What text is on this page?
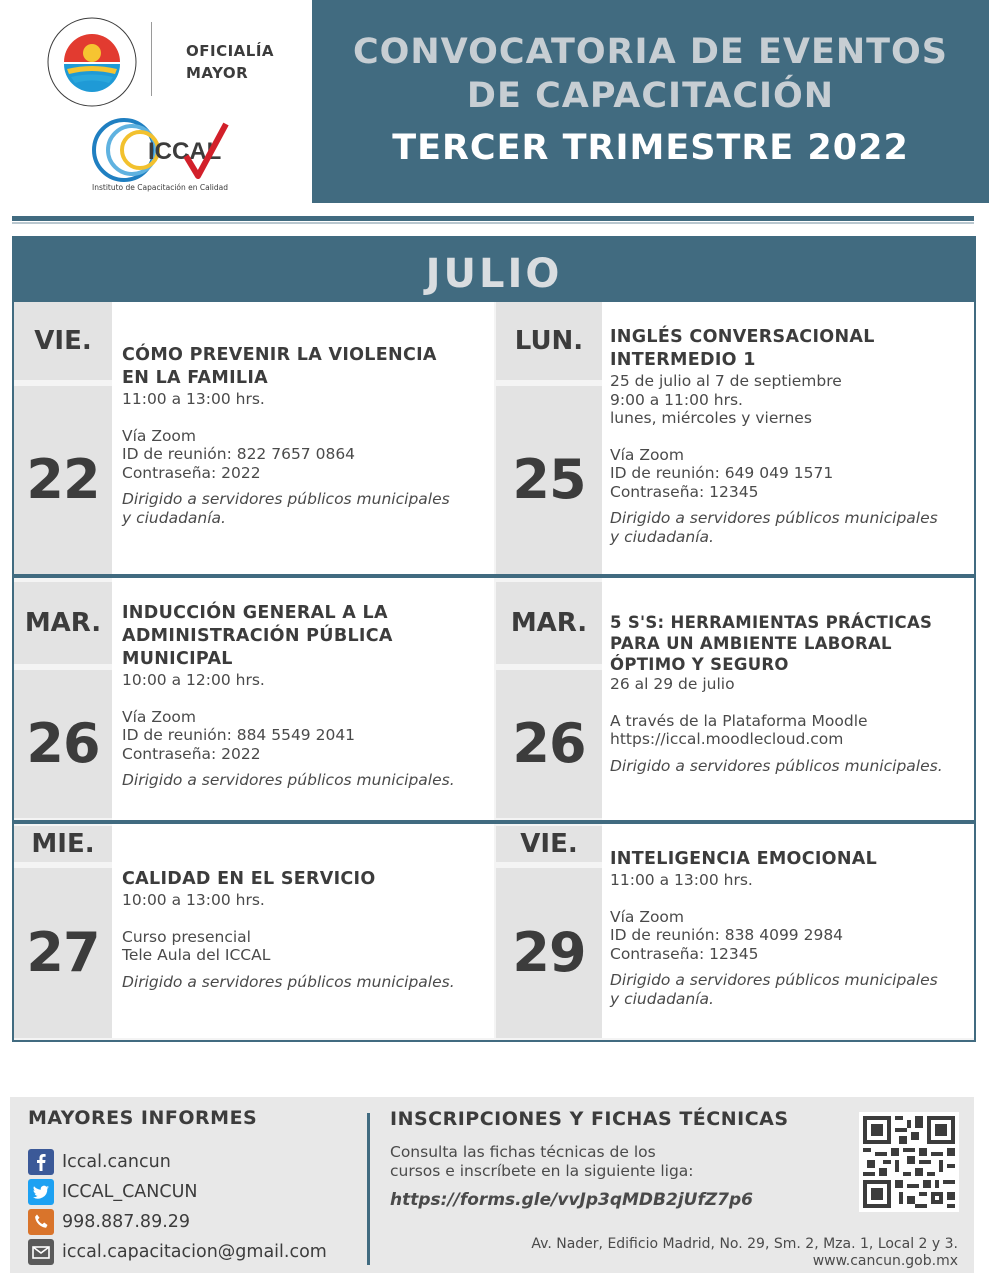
OFICIALÍA
MAYOR
ICCAL
Instituto de Capacitación en Calidad
CONVOCATORIA DE EVENTOS
DE CAPACITACIÓN
TERCER TRIMESTRE 2022
JULIO
VIE.
22
CÓMO PREVENIR LA VIOLENCIA
EN LA FAMILIA
11:00 a 13:00 hrs.
Vía Zoom
ID de reunión: 822 7657 0864
Contraseña: 2022
Dirigido a servidores públicos municipales
y ciudadanía.
LUN.
25
INGLÉS CONVERSACIONAL
INTERMEDIO 1
25 de julio al 7 de septiembre
9:00 a 11:00 hrs.
lunes, miércoles y viernes
Vía Zoom
ID de reunión: 649 049 1571
Contraseña: 12345
Dirigido a servidores públicos municipales
y ciudadanía.
MAR.
26
INDUCCIÓN GENERAL A LA
ADMINISTRACIÓN PÚBLICA
MUNICIPAL
10:00 a 12:00 hrs.
Vía Zoom
ID de reunión: 884 5549 2041
Contraseña: 2022
Dirigido a servidores públicos municipales.
MAR.
26
5 S'S: HERRAMIENTAS PRÁCTICAS
PARA UN AMBIENTE LABORAL
ÓPTIMO Y SEGURO
26 al 29 de julio
A través de la Plataforma Moodle
https://iccal.moodlecloud.com
Dirigido a servidores públicos municipales.
MIE.
27
CALIDAD EN EL SERVICIO
10:00 a 13:00 hrs.
Curso presencial
Tele Aula del ICCAL
Dirigido a servidores públicos municipales.
VIE.
29
INTELIGENCIA EMOCIONAL
11:00 a 13:00 hrs.
Vía Zoom
ID de reunión: 838 4099 2984
Contraseña: 12345
Dirigido a servidores públicos municipales
y ciudadanía.
MAYORES INFORMES
Iccal.cancun
ICCAL_CANCUN
998.887.89.29
iccal.capacitacion@gmail.com
INSCRIPCIONES Y FICHAS TÉCNICAS
Consulta las fichas técnicas de los
cursos e inscríbete en la siguiente liga:
https://forms.gle/vvJp3qMDB2jUfZ7p6
Av. Nader, Edificio Madrid, No. 29, Sm. 2, Mza. 1, Local 2 y 3.
www.cancun.gob.mx
